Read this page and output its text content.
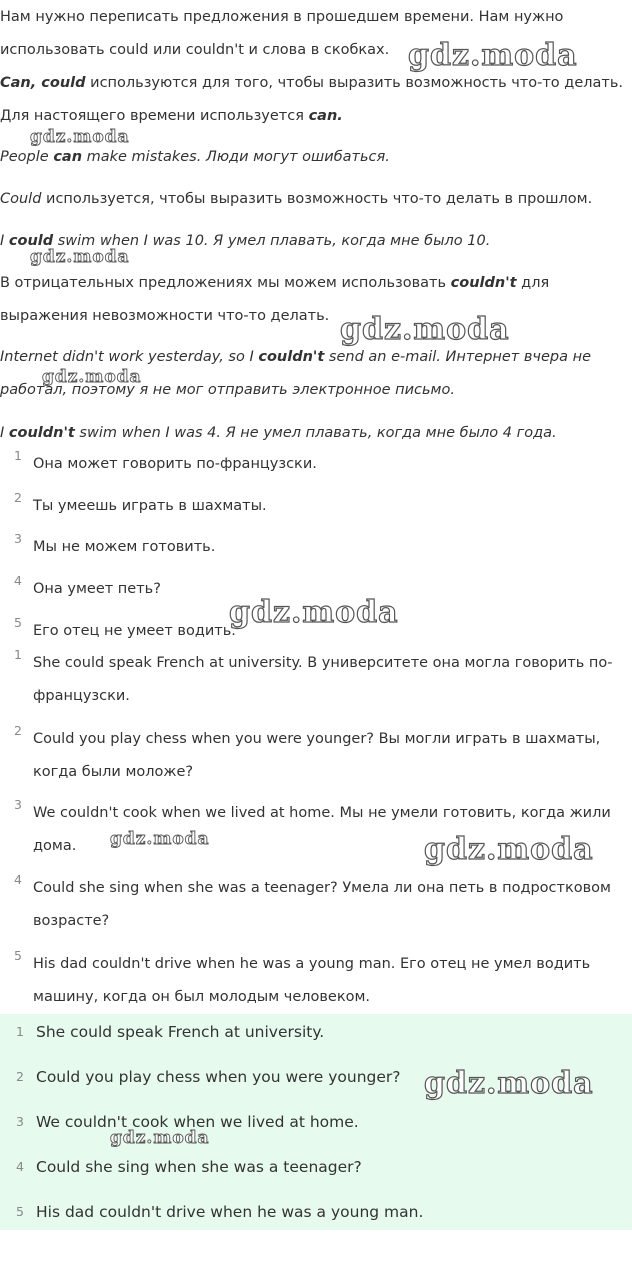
Нам нужно переписать предложения в прошедшем времени. Нам нужно
использовать could или couldn't и слова в скобках.
Can, could используются для того, чтобы выразить возможность что-то делать.
Для настоящего времени используется can.
People can make mistakes. Люди могут ошибаться.
Could используется, чтобы выразить возможность что-то делать в прошлом.
I could swim when I was 10. Я умел плавать, когда мне было 10.
В отрицательных предложениях мы можем использовать couldn't для
выражения невозможности что-то делать.
Internet didn't work yesterday, so I couldn't send an e-mail. Интернет вчера не
работал, поэтому я не мог отправить электронное письмо.
I couldn't swim when I was 4. Я не умел плавать, когда мне было 4 года.
1
Она может говорить по-французски.
2
Ты умеешь играть в шахматы.
3
Мы не можем готовить.
4
Она умеет петь?
5
Его отец не умеет водить.
1
She could speak French at university. В университете она могла говорить по-французски.
2
Could you play chess when you were younger? Вы могли играть в шахматы, когда были моложе?
3
We couldn't cook when we lived at home. Мы не умели готовить, когда жили дома.
4
Could she sing when she was a teenager? Умела ли она петь в подростковом возрасте?
5
His dad couldn't drive when he was a young man. Его отец не умел водить машину, когда он был молодым человеком.
1 She could speak French at university.
2 Could you play chess when you were younger?
3 We couldn't cook when we lived at home.
4 Could she sing when she was a teenager?
5 His dad couldn't drive when he was a young man.
gdz.moda
gdz.moda
gdz.moda
gdz.moda
gdz.moda
gdz.moda
gdz.moda	gdz.moda
gdz.moda
gdz.moda
